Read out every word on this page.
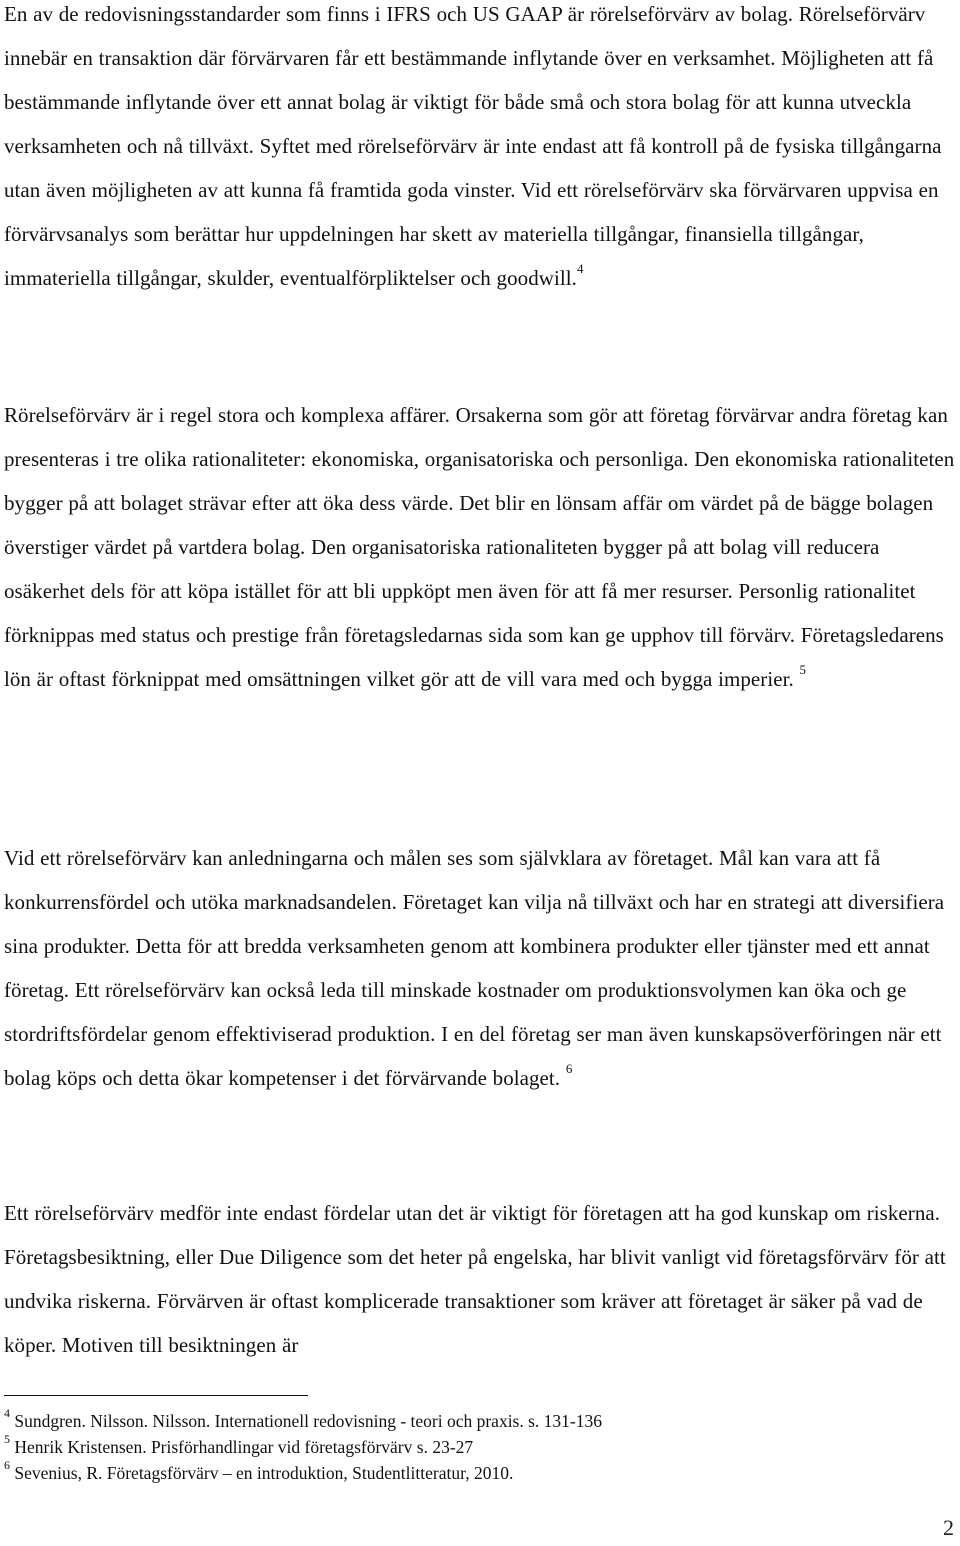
En av de redovisningsstandarder som finns i IFRS och US GAAP är rörelseförvärv av bolag. Rörelseförvärv innebär en transaktion där förvärvaren får ett bestämmande inflytande över en verksamhet. Möjligheten att få bestämmande inflytande över ett annat bolag är viktigt för både små och stora bolag för att kunna utveckla verksamheten och nå tillväxt. Syftet med rörelseförvärv är inte endast att få kontroll på de fysiska tillgångarna utan även möjligheten av att kunna få framtida goda vinster. Vid ett rörelseförvärv ska förvärvaren uppvisa en förvärvsanalys som berättar hur uppdelningen har skett av materiella tillgångar, finansiella tillgångar, immateriella tillgångar, skulder, eventualförpliktelser och goodwill.$^4$

Rörelseförvärv är i regel stora och komplexa affärer. Orsakerna som gör att företag förvärvar andra företag kan presenteras i tre olika rationaliteter: ekonomiska, organisatoriska och personliga. Den ekonomiska rationaliteten bygger på att bolaget strävar efter att öka dess värde. Det blir en lönsam affär om värdet på de bägge bolagen överstiger värdet på vartdera bolag. Den organisatoriska rationaliteten bygger på att bolag vill reducera osäkerhet dels för att köpa istället för att bli uppköpt men även för att få mer resurser. Personlig rationalitet förknippas med status och prestige från företagsledarnas sida som kan ge upphov till förvärv. Företagsledarens lön är oftast förknippat med omsättningen vilket gör att de vill vara med och bygga imperier. $^5$

Vid ett rörelseförvärv kan anledningarna och målen ses som självklara av företaget. Mål kan vara att få konkurrensfördel och utöka marknadsandelen. Företaget kan vilja nå tillväxt och har en strategi att diversifiera sina produkter. Detta för att bredda verksamheten genom att kombinera produkter eller tjänster med ett annat företag. Ett rörelseförvärv kan också leda till minskade kostnader om produktionsvolymen kan öka och ge stordriftsfördelar genom effektiviserad produktion. I en del företag ser man även kunskapsöverföringen när ett bolag köps och detta ökar kompetenser i det förvärvande bolaget. $^6$

Ett rörelseförvärv medför inte endast fördelar utan det är viktigt för företagen att ha god kunskap om riskerna. Företagsbesiktning, eller Due Diligence som det heter på engelska, har blivit vanligt vid företagsförvärv för att undvika riskerna. Förvärven är oftast komplicerade transaktioner som kräver att företaget är säker på vad de köper. Motiven till besiktningen är

$^4$ Sundgren. Nilsson. Nilsson. Internationell redovisning - teori och praxis. s. 131-136

$^5$ Henrik Kristensen. Prisförhandlingar vid företagsförvärv s. 23-27

$^6$ Sevenius, R. Företagsförvärv – en introduktion, Studentlitteratur, 2010.

2
